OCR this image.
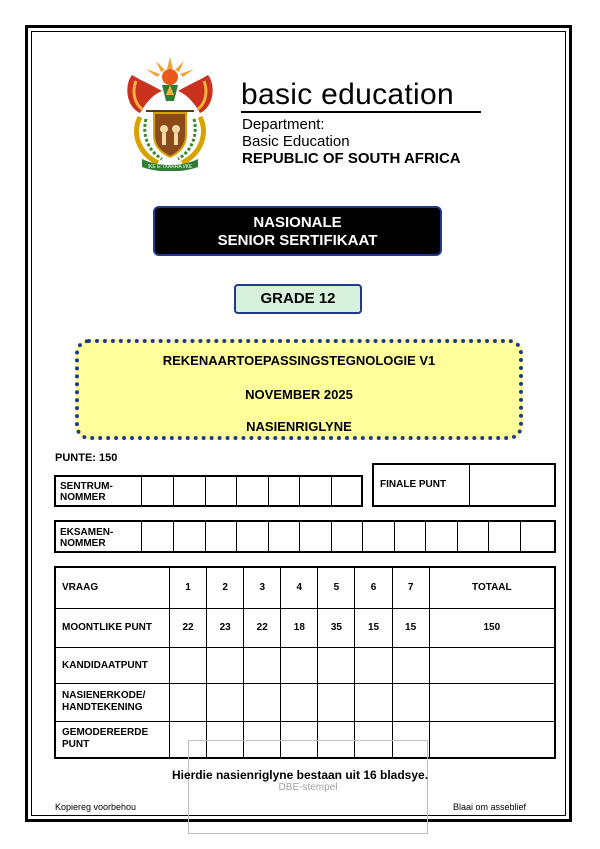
!KE E: /XARRA //KE
basic education
Department:
Basic Education
REPUBLIC OF SOUTH AFRICA
NASIONALE
SENIOR SERTIFIKAAT
GRADE 12
REKENAARTOEPASSINGSTEGNOLOGIE V1
NOVEMBER 2025
NASIENRIGLYNE
PUNTE: 150
SENTRUM-
NOMMER
FINALE PUNT
EKSAMEN-
NOMMER
VRAAG	1	2	3	4	5	6	7	TOTAAL
MOONTLIKE PUNT	22	23	22	18	35	15	15	150
KANDIDAATPUNT								
NASIENERKODE/
HANDTEKENING								
GEMODEREERDE
PUNT								
DBE-stempel
Hierdie nasienriglyne bestaan uit 16 bladsye.
Kopiereg voorbehou	Blaai om asseblief
